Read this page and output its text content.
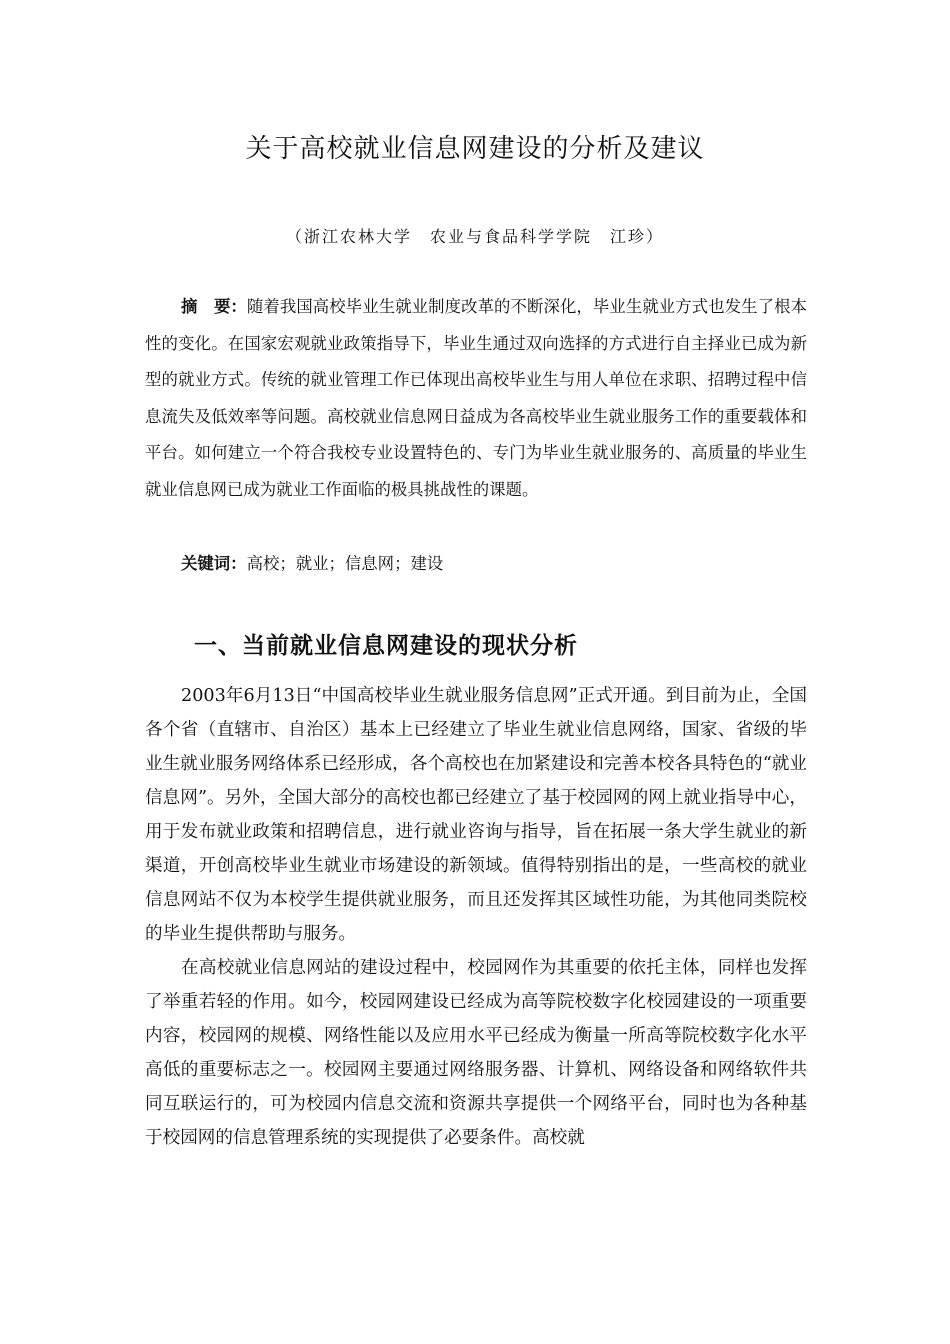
关于高校就业信息网建设的分析及建议

（浙江农林大学　农业与食品科学学院　江珍）

摘　要：随着我国高校毕业生就业制度改革的不断深化，毕业生就业方式也发生了根本性的变化。在国家宏观就业政策指导下，毕业生通过双向选择的方式进行自主择业已成为新型的就业方式。传统的就业管理工作已体现出高校毕业生与用人单位在求职、招聘过程中信息流失及低效率等问题。高校就业信息网日益成为各高校毕业生就业服务工作的重要载体和平台。如何建立一个符合我校专业设置特色的、专门为毕业生就业服务的、高质量的毕业生就业信息网已成为就业工作面临的极具挑战性的课题。

关键词：高校；就业；信息网；建设

一、当前就业信息网建设的现状分析

2003年6月13日“中国高校毕业生就业服务信息网”正式开通。到目前为止，全国各个省（直辖市、自治区）基本上已经建立了毕业生就业信息网络，国家、省级的毕业生就业服务网络体系已经形成，各个高校也在加紧建设和完善本校各具特色的“就业信息网”。另外，全国大部分的高校也都已经建立了基于校园网的网上就业指导中心，用于发布就业政策和招聘信息，进行就业咨询与指导，旨在拓展一条大学生就业的新渠道，开创高校毕业生就业市场建设的新领域。值得特别指出的是，一些高校的就业信息网站不仅为本校学生提供就业服务，而且还发挥其区域性功能，为其他同类院校的毕业生提供帮助与服务。

在高校就业信息网站的建设过程中，校园网作为其重要的依托主体，同样也发挥了举重若轻的作用。如今，校园网建设已经成为高等院校数字化校园建设的一项重要内容，校园网的规模、网络性能以及应用水平已经成为衡量一所高等院校数字化水平高低的重要标志之一。校园网主要通过网络服务器、计算机、网络设备和网络软件共同互联运行的，可为校园内信息交流和资源共享提供一个网络平台，同时也为各种基于校园网的信息管理系统的实现提供了必要条件。高校就
